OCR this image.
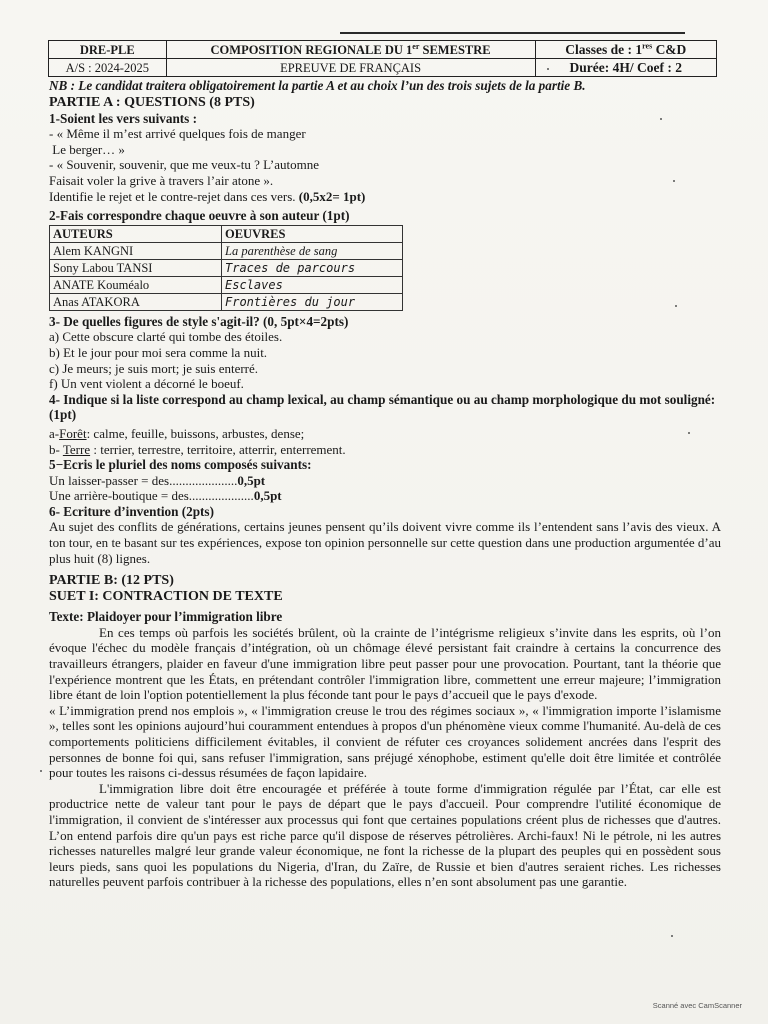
DRE-PLE	COMPOSITION REGIONALE DU 1er SEMESTRE	Classes de : 1res C&D
A/S : 2024-2025	EPREUVE DE FRANÇAIS	Durée: 4H/ Coef : 2

NB : Le candidat traitera obligatoirement la partie A et au choix l’un des trois sujets de la partie B.

PARTIE A : QUESTIONS (8 PTS)

1-Soient les vers suivants :

- « Même il m’est arrivé quelques fois de manger

Le berger… »

- « Souvenir, souvenir, que me veux-tu ? L’automne

Faisait voler la grive à travers l’air atone ».

Identifie le rejet et le contre-rejet dans ces vers. (0,5x2= 1pt)

2-Fais correspondre chaque oeuvre à son auteur (1pt)

AUTEURS	OEUVRES
Alem KANGNI	La parenthèse de sang
Sony Labou TANSI	Traces de parcours
ANATE Kouméalo	Esclaves
Anas ATAKORA	Frontières du jour

3- De quelles figures de style s'agit-il? (0, 5pt×4=2pts)

a) Cette obscure clarté qui tombe des étoiles.

b) Et le jour pour moi sera comme la nuit.

c) Je meurs; je suis mort; je suis enterré.

f) Un vent violent a décorné le boeuf.

4- Indique si la liste correspond au champ lexical, au champ sémantique ou au champ morphologique du mot souligné: (1pt)

a-Forêt: calme, feuille, buissons, arbustes, dense;

b- Terre : terrier, terrestre, territoire, atterrir, enterrement.

5−Ecris le pluriel des noms composés suivants:

Un laisser-passer = des.....................0,5pt

Une arrière-boutique = des....................0,5pt

6- Ecriture d’invention (2pts)

Au sujet des conflits de générations, certains jeunes pensent qu’ils doivent vivre comme ils l’entendent sans l’avis des vieux. A ton tour, en te basant sur tes expériences, expose ton opinion personnelle sur cette question dans une production argumentée d’au plus huit (8) lignes.

PARTIE B: (12 PTS)

SUET I: CONTRACTION DE TEXTE

Texte: Plaidoyer pour l’immigration libre

En ces temps où parfois les sociétés brûlent, où la crainte de l’intégrisme religieux s’invite dans les esprits, où l’on évoque l'échec du modèle français d’intégration, où un chômage élevé persistant fait craindre à certains la concurrence des travailleurs étrangers, plaider en faveur d'une immigration libre peut passer pour une provocation. Pourtant, tant la théorie que l'expérience montrent que les États, en prétendant contrôler l'immigration libre, commettent une erreur majeure; l’immigration libre étant de loin l'option potentiellement la plus féconde tant pour le pays d’accueil que le pays d'exode.

« L’immigration prend nos emplois », « l'immigration creuse le trou des régimes sociaux », « l'immigration importe l’islamisme », telles sont les opinions aujourd’hui couramment entendues à propos d'un phénomène vieux comme l'humanité. Au-delà de ces comportements politiciens difficilement évitables, il convient de réfuter ces croyances solidement ancrées dans l'esprit des personnes de bonne foi qui, sans refuser l'immigration, sans préjugé xénophobe, estiment qu'elle doit être limitée et contrôlée pour toutes les raisons ci-dessus résumées de façon lapidaire.

L'immigration libre doit être encouragée et préférée à toute forme d'immigration régulée par l’État, car elle est productrice nette de valeur tant pour le pays de départ que le pays d'accueil. Pour comprendre l'utilité économique de l'immigration, il convient de s'intéresser aux processus qui font que certaines populations créent plus de richesses que d'autres. L’on entend parfois dire qu'un pays est riche parce qu'il dispose de réserves pétrolières. Archi-faux! Ni le pétrole, ni les autres richesses naturelles malgré leur grande valeur économique, ne font la richesse de la plupart des peuples qui en possèdent sous leurs pieds, sans quoi les populations du Nigeria, d'Iran, du Zaïre, de Russie et bien d'autres seraient riches. Les richesses naturelles peuvent parfois contribuer à la richesse des populations, elles n’en sont absolument pas une garantie.

Scanné avec CamScanner
